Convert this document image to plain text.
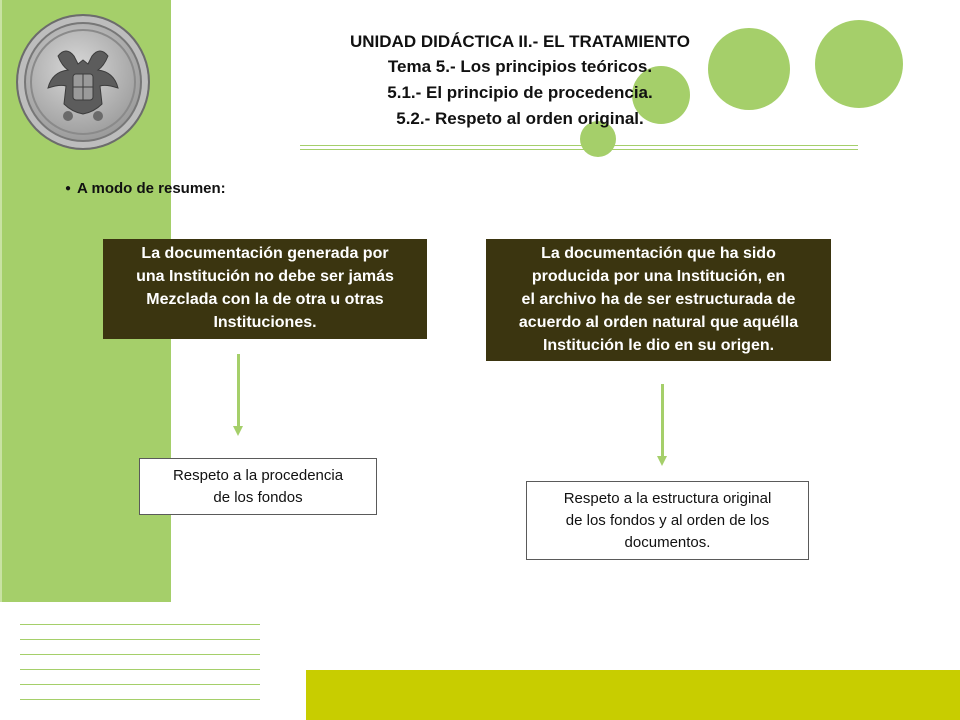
UNIDAD DIDÁCTICA II.- EL TRATAMIENTO
Tema 5.- Los principios teóricos.
5.1.- El principio de procedencia.
5.2.- Respeto al orden original.
● A modo de resumen:
La documentación generada por
una Institución no debe ser jamás
Mezclada con la de otra u otras
Instituciones.
Respeto a la procedencia
de los fondos
La documentación que ha sido
producida por una Institución, en
el archivo ha de ser estructurada de
acuerdo al orden natural que aquélla
Institución le dio en su origen.
Respeto a la estructura original
de los fondos y al orden de los
documentos.
